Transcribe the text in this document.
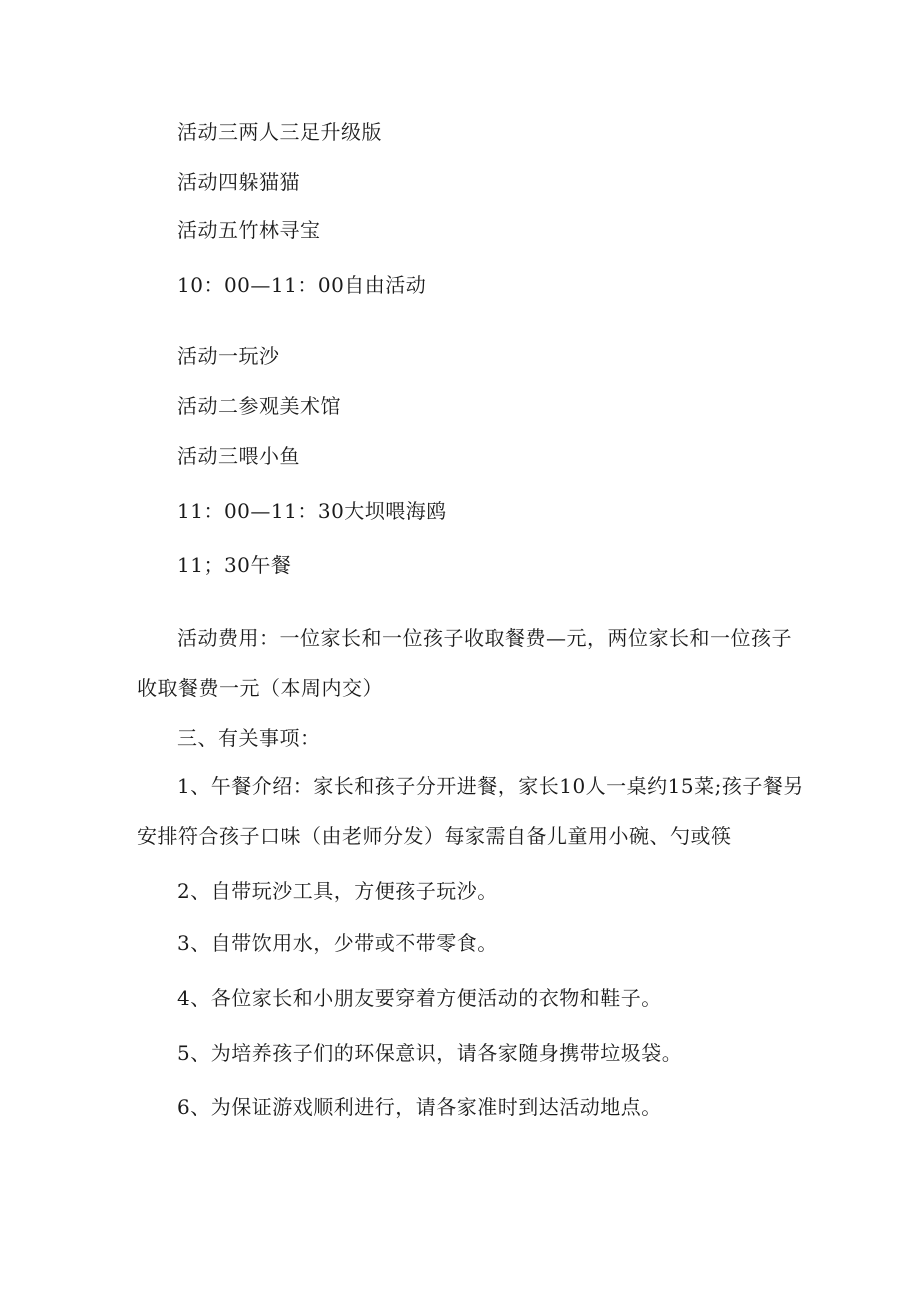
活动三两人三足升级版
活动四躲猫猫
活动五竹林寻宝
10：00—11：00自由活动
活动一玩沙
活动二参观美术馆
活动三喂小鱼
11：00—11：30大坝喂海鸥
11；30午餐
活动费用：一位家长和一位孩子收取餐费—元，两位家长和一位孩子
收取餐费一元（本周内交）
三、有关事项：
1、午餐介绍：家长和孩子分开进餐，家长10人一桌约15菜;孩子餐另
安排符合孩子口味（由老师分发）每家需自备儿童用小碗、勺或筷
2、自带玩沙工具，方便孩子玩沙。
3、自带饮用水，少带或不带零食。
4、各位家长和小朋友要穿着方便活动的衣物和鞋子。
5、为培养孩子们的环保意识，请各家随身携带垃圾袋。
6、为保证游戏顺利进行，请各家准时到达活动地点。
